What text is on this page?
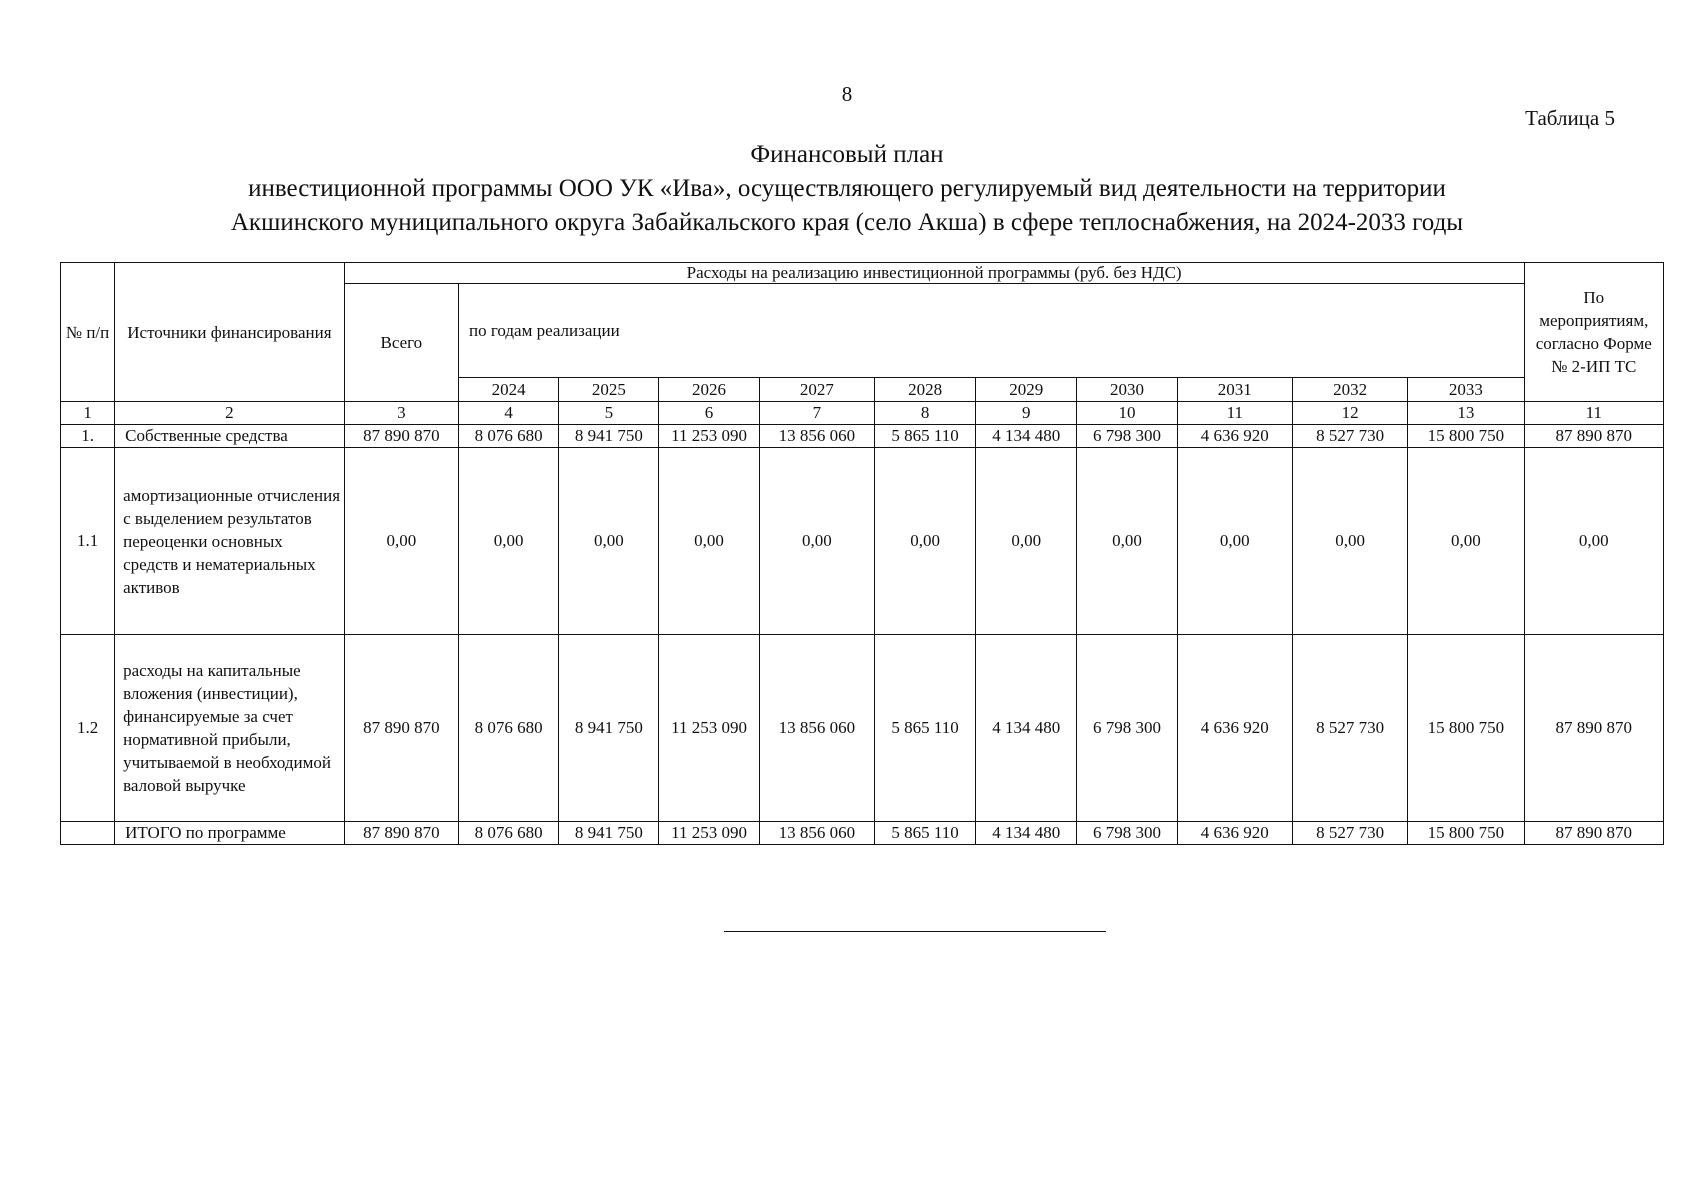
8
Таблица 5
Финансовый план
инвестиционной программы ООО УК «Ива», осуществляющего регулируемый вид деятельности на территории
Акшинского муниципального округа Забайкальского края (село Акша) в сфере теплоснабжения, на 2024-2033 годы
№ п/п	Источники финансирования	Расходы на реализацию инвестиционной программы (руб. без НДС)											По мероприятиям, согласно Форме № 2-ИП ТС
		Всего	по годам реализации										
			2024	2025	2026	2027	2028	2029	2030	2031	2032	2033	
1	2	3	4	5	6	7	8	9	10	11	12	13	11
1.	Собственные средства	87 890 870	8 076 680	8 941 750	11 253 090	13 856 060	5 865 110	4 134 480	6 798 300	4 636 920	8 527 730	15 800 750	87 890 870
1.1	амортизационные отчисления с выделением результатов переоценки основных средств и нематериальных активов	0,00	0,00	0,00	0,00	0,00	0,00	0,00	0,00	0,00	0,00	0,00	0,00
1.2	расходы на капитальные вложения (инвестиции), финансируемые за счет нормативной прибыли, учитываемой в необходимой валовой выручке	87 890 870	8 076 680	8 941 750	11 253 090	13 856 060	5 865 110	4 134 480	6 798 300	4 636 920	8 527 730	15 800 750	87 890 870
	ИТОГО по программе	87 890 870	8 076 680	8 941 750	11 253 090	13 856 060	5 865 110	4 134 480	6 798 300	4 636 920	8 527 730	15 800 750	87 890 870
